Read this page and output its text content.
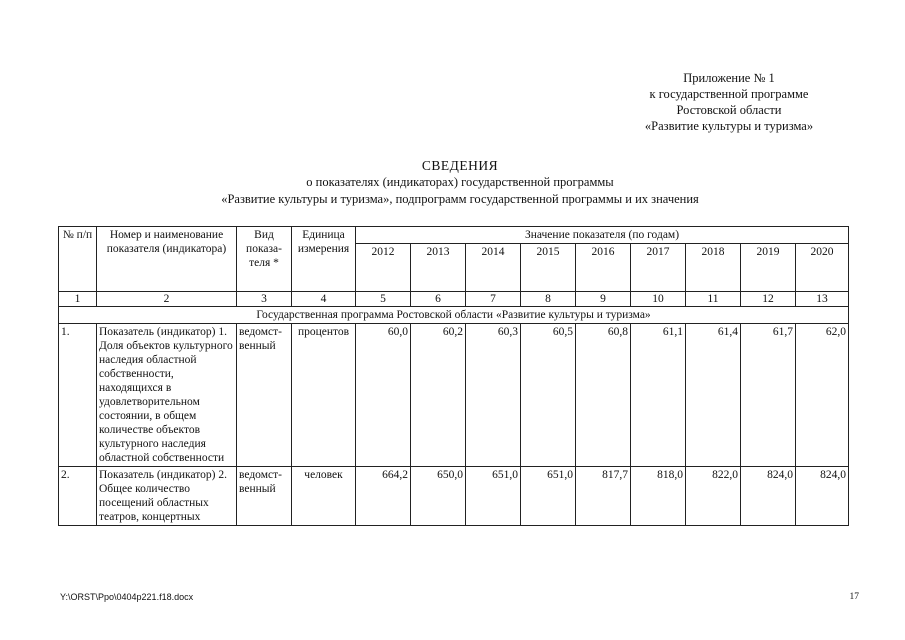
Приложение № 1
к государственной программе
Ростовской области
«Развитие культуры и туризма»
СВЕДЕНИЯ
о показателях (индикаторах) государственной программы
«Развитие культуры и туризма», подпрограмм государственной программы и их значения
№ п/п	Номер и наименование показателя (индикатора)	Вид показа-теля *	Единица измерения	Значение показателя (по годам)								
				2012	2013	2014	2015	2016	2017	2018	2019	2020
1	2	3	4	5	6	7	8	9	10	11	12	13
Государственная программа Ростовской области «Развитие культуры и туризма»												
1.	Показатель (индикатор) 1. Доля объектов культурного наследия областной собственности, находящихся в удовлетворительном состоянии, в общем количестве объектов культурного наследия областной собственности	ведомст-венный	процентов	60,0	60,2	60,3	60,5	60,8	61,1	61,4	61,7	62,0
2.	Показатель (индикатор) 2. Общее количество посещений областных театров, концертных	ведомст-венный	человек	664,2	650,0	651,0	651,0	817,7	818,0	822,0	824,0	824,0
Y:\ORST\Ppo\0404p221.f18.docx	17
